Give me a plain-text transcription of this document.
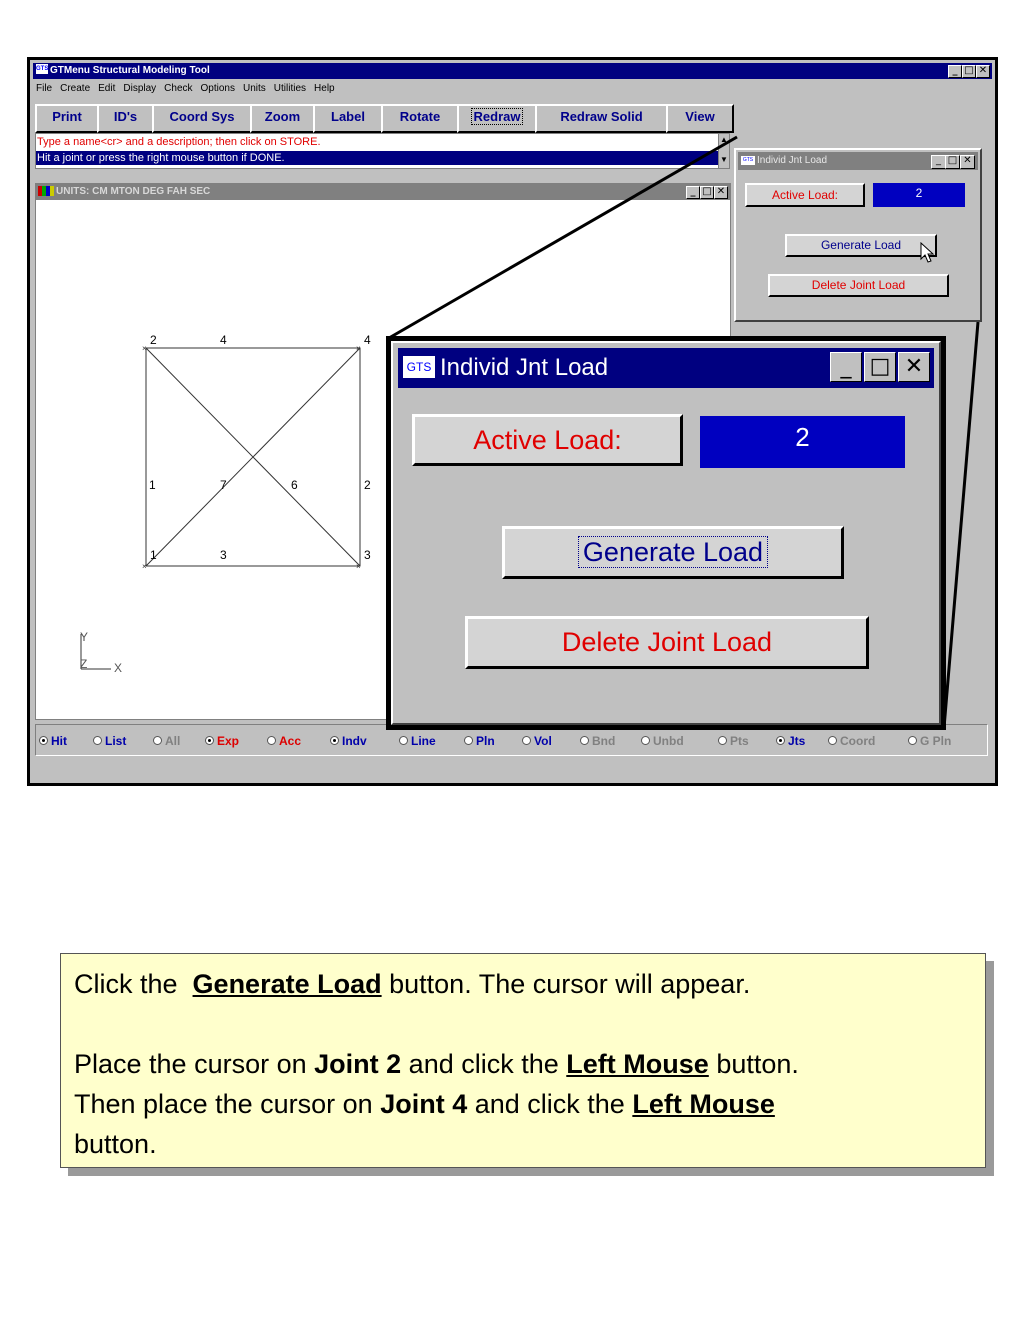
GTS GTMenu Structural Modeling Tool	_ □ ✕
File Create Edit Display Check Options Units Utilities Help
Print	ID's	Coord Sys	Zoom	Label	Rotate	Redraw	Redraw Solid	View
Type a name<cr> and a description; then click on STORE.
Hit a joint or press the right mouse button if DONE.
▲
▼
UNITS: CM MTON DEG FAH SEC	_ □ ✕
×	×
×	×
2	4
1	3
4
1	7	6	2
3
Y
Z X
Hit	List	All	Exp	Acc	Indv	Line	Pln	Vol	Bnd	Unbd	Pts	Jts	Coord	G Pln
GTS Individ Jnt Load	_ □ ✕
Active Load:	2
Generate Load
Delete Joint Load
GTS Individ Jnt Load	_ □ ✕
Active Load:	2
Generate Load
Delete Joint Load
Click the Generate Load button. The cursor will appear.
Place the cursor on Joint 2 and click the Left Mouse button.
Then place the cursor on Joint 4 and click the Left Mouse
button.
